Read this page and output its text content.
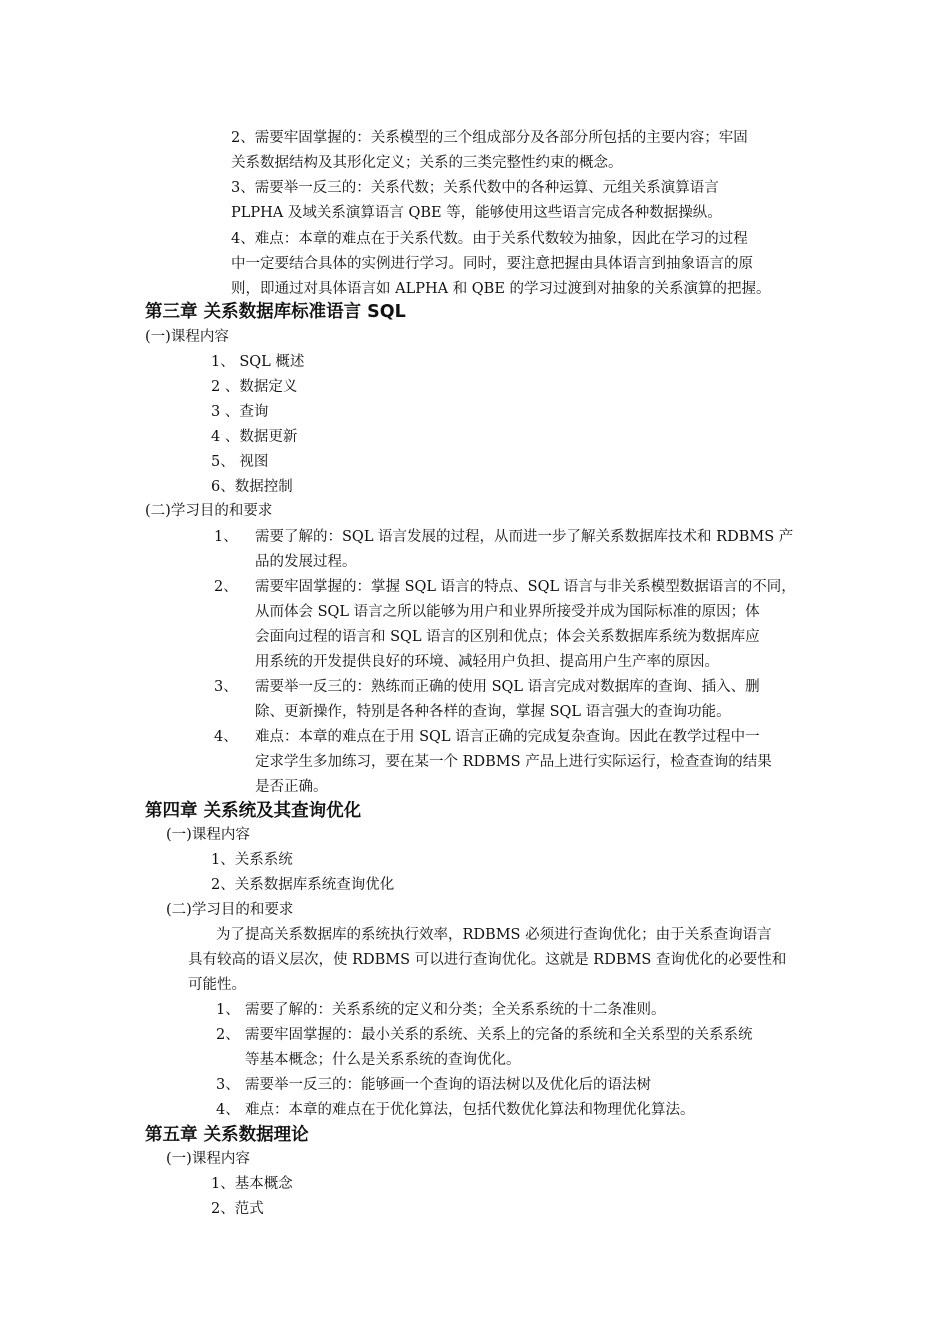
2、需要牢固掌握的：关系模型的三个组成部分及各部分所包括的主要内容；牢固
关系数据结构及其形化定义；关系的三类完整性约束的概念。
3、需要举一反三的：关系代数；关系代数中的各种运算、元组关系演算语言
PLPHA 及域关系演算语言 QBE 等，能够使用这些语言完成各种数据操纵。
4、难点：本章的难点在于关系代数。由于关系代数较为抽象，因此在学习的过程
中一定要结合具体的实例进行学习。同时，要注意把握由具体语言到抽象语言的原
则，即通过对具体语言如 ALPHA 和 QBE 的学习过渡到对抽象的关系演算的把握。
第三章 关系数据库标准语言 SQL
(一)课程内容
1、 SQL 概述
2 、数据定义
3 、查询
4 、数据更新
5、 视图
6、数据控制
(二)学习目的和要求
1、 需要了解的：SQL 语言发展的过程，从而进一步了解关系数据库技术和 RDBMS 产
品的发展过程。
2、 需要牢固掌握的：掌握 SQL 语言的特点、SQL 语言与非关系模型数据语言的不同，
从而体会 SQL 语言之所以能够为用户和业界所接受并成为国际标准的原因；体
会面向过程的语言和 SQL 语言的区别和优点；体会关系数据库系统为数据库应
用系统的开发提供良好的环境、减轻用户负担、提高用户生产率的原因。
3、 需要举一反三的：熟练而正确的使用 SQL 语言完成对数据库的查询、插入、删
除、更新操作，特别是各种各样的查询，掌握 SQL 语言强大的查询功能。
4、 难点：本章的难点在于用 SQL 语言正确的完成复杂查询。因此在教学过程中一
定求学生多加练习，要在某一个 RDBMS 产品上进行实际运行，检查查询的结果
是否正确。
第四章 关系统及其查询优化
(一)课程内容
1、关系系统
2、关系数据库系统查询优化
(二)学习目的和要求
为了提高关系数据库的系统执行效率，RDBMS 必须进行查询优化；由于关系查询语言
具有较高的语义层次，使 RDBMS 可以进行查询优化。这就是 RDBMS 查询优化的必要性和
可能性。
1、 需要了解的：关系系统的定义和分类；全关系系统的十二条准则。
2、 需要牢固掌握的：最小关系的系统、关系上的完备的系统和全关系型的关系系统
等基本概念；什么是关系系统的查询优化。
3、 需要举一反三的：能够画一个查询的语法树以及优化后的语法树
4、 难点：本章的难点在于优化算法，包括代数优化算法和物理优化算法。
第五章 关系数据理论
(一)课程内容
1、基本概念
2、范式
